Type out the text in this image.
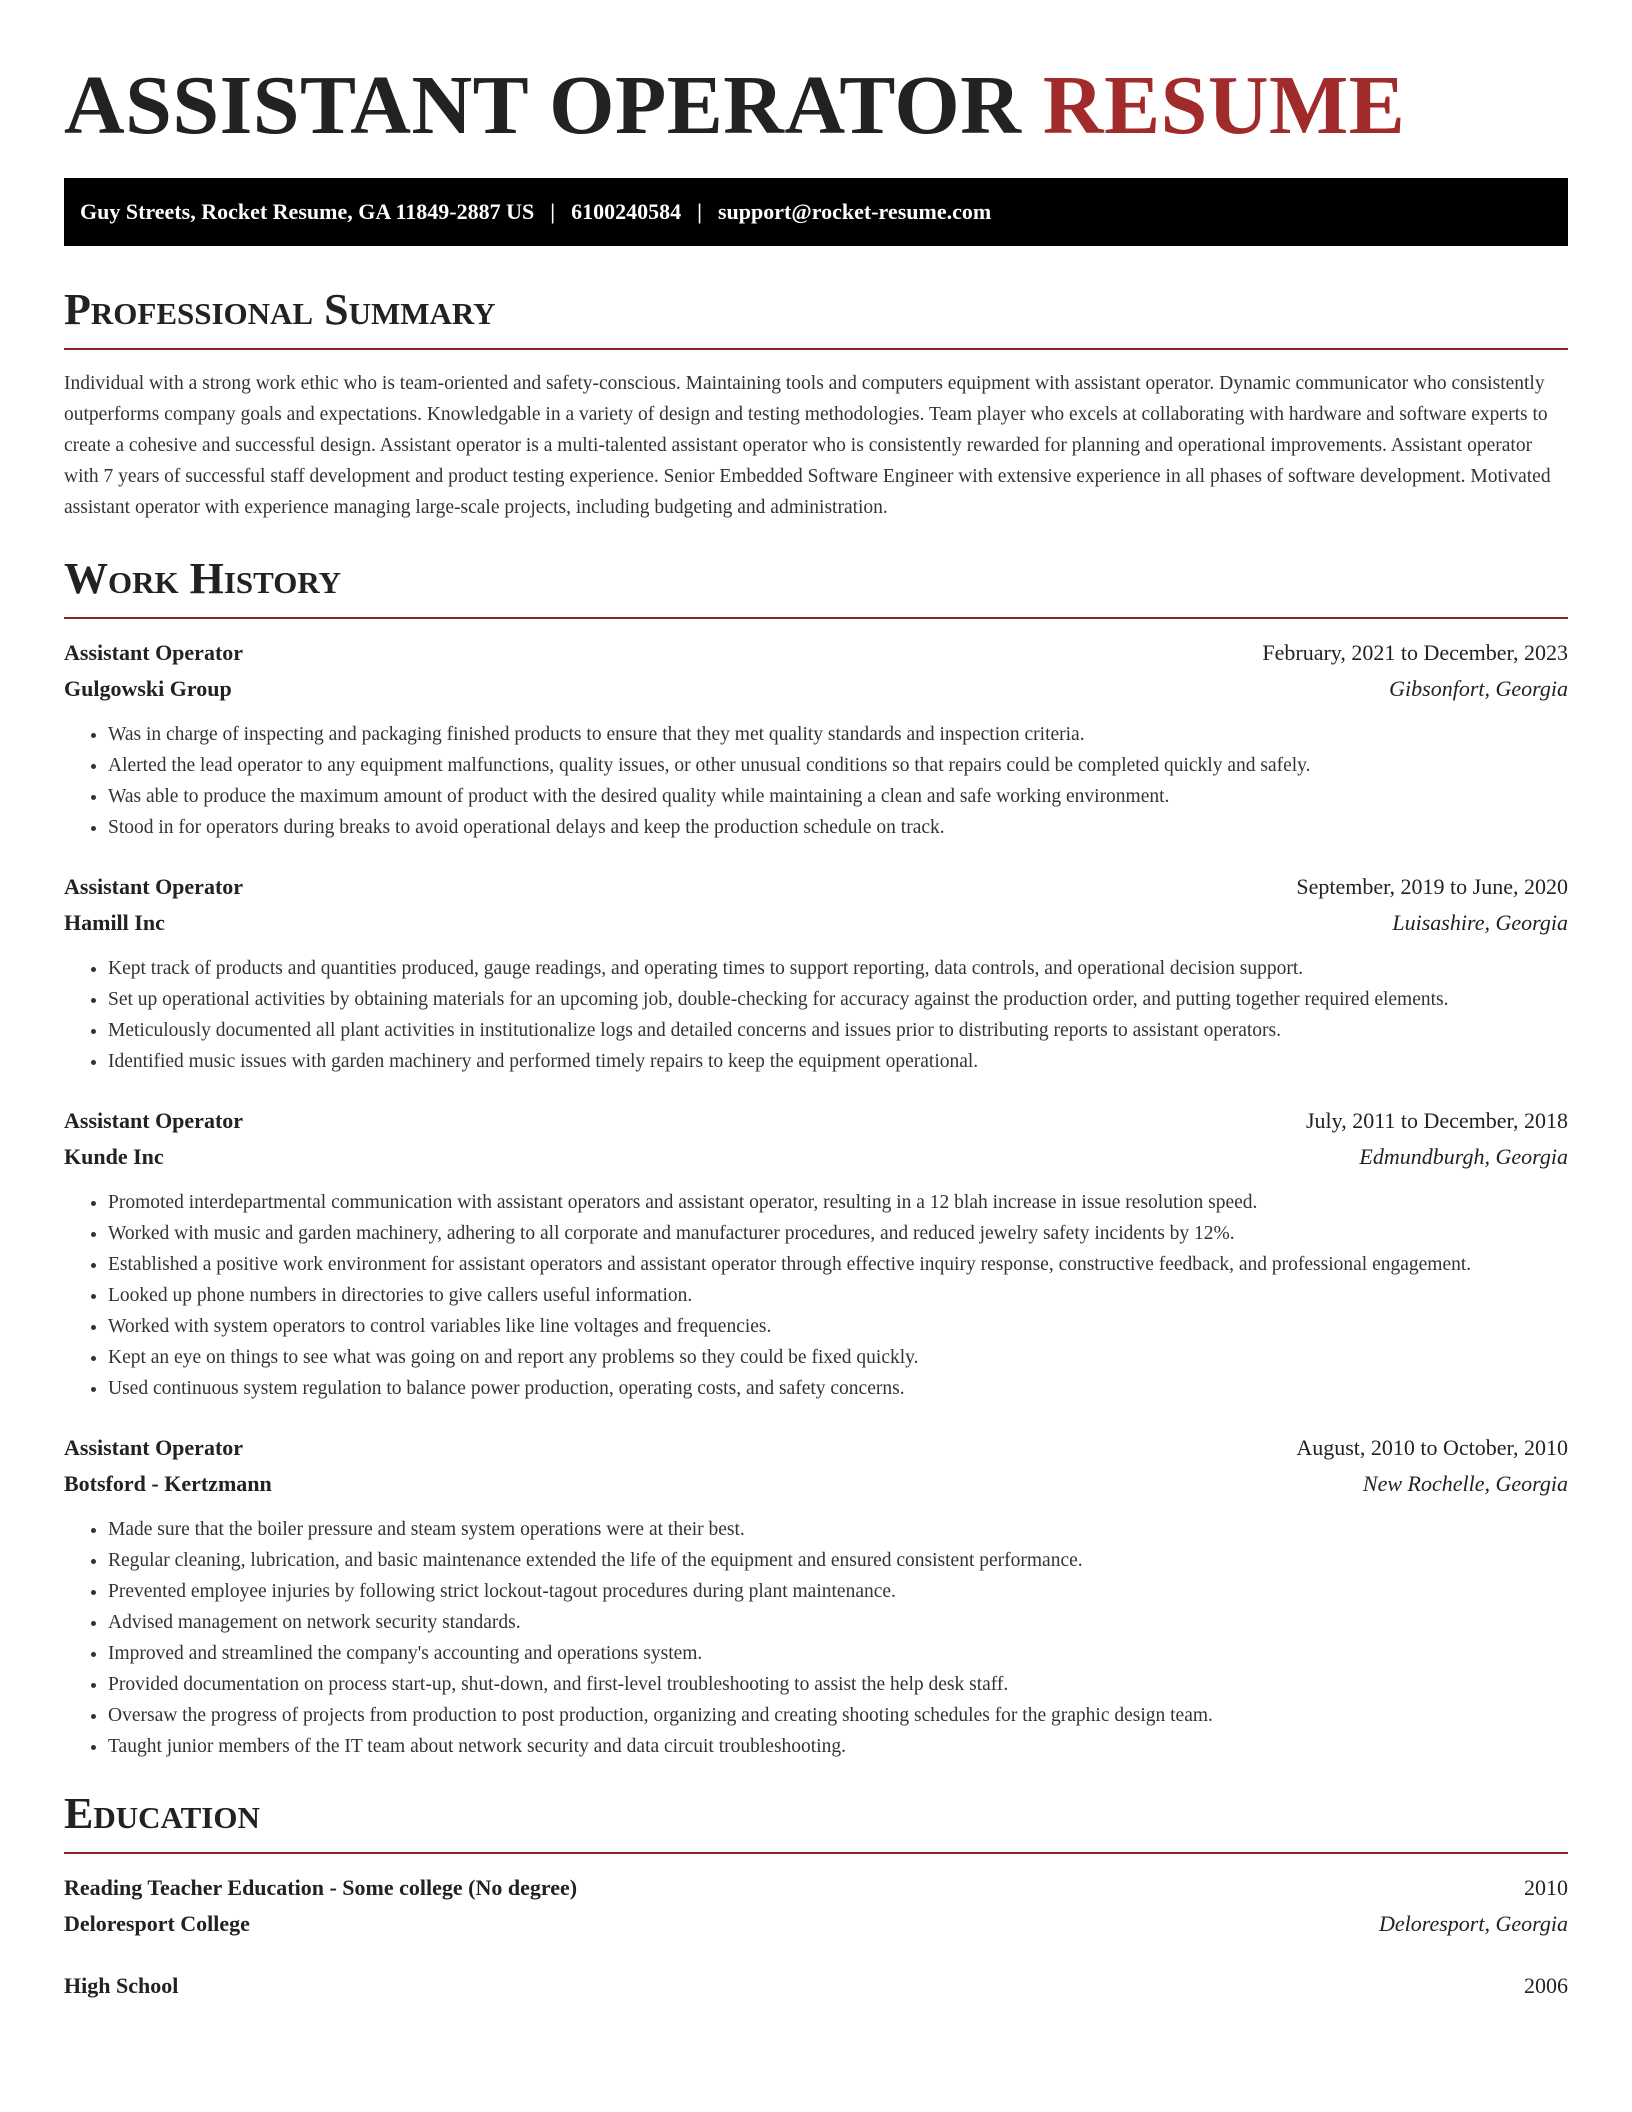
ASSISTANT OPERATOR RESUME
Guy Streets, Rocket Resume, GA 11849-2887 US | 6100240584 | support@rocket-resume.com
Professional Summary

Individual with a strong work ethic who is team-oriented and safety-conscious. Maintaining tools and computers equipment with assistant operator. Dynamic communicator who consistently outperforms company goals and expectations. Knowledgable in a variety of design and testing methodologies. Team player who excels at collaborating with hardware and software experts to create a cohesive and successful design. Assistant operator is a multi-talented assistant operator who is consistently rewarded for planning and operational improvements. Assistant operator with 7 years of successful staff development and product testing experience. Senior Embedded Software Engineer with extensive experience in all phases of software development. Motivated assistant operator with experience managing large-scale projects, including budgeting and administration.

Work History
Assistant Operator	February, 2021 to December, 2023
Gulgowski Group	Gibsonfort, Georgia
• Was in charge of inspecting and packaging finished products to ensure that they met quality standards and inspection criteria.
• Alerted the lead operator to any equipment malfunctions, quality issues, or other unusual conditions so that repairs could be completed quickly and safely.
• Was able to produce the maximum amount of product with the desired quality while maintaining a clean and safe working environment.
• Stood in for operators during breaks to avoid operational delays and keep the production schedule on track.
Assistant Operator	September, 2019 to June, 2020
Hamill Inc	Luisashire, Georgia
• Kept track of products and quantities produced, gauge readings, and operating times to support reporting, data controls, and operational decision support.
• Set up operational activities by obtaining materials for an upcoming job, double-checking for accuracy against the production order, and putting together required elements.
• Meticulously documented all plant activities in institutionalize logs and detailed concerns and issues prior to distributing reports to assistant operators.
• Identified music issues with garden machinery and performed timely repairs to keep the equipment operational.
Assistant Operator	July, 2011 to December, 2018
Kunde Inc	Edmundburgh, Georgia
• Promoted interdepartmental communication with assistant operators and assistant operator, resulting in a 12 blah increase in issue resolution speed.
• Worked with music and garden machinery, adhering to all corporate and manufacturer procedures, and reduced jewelry safety incidents by 12%.
• Established a positive work environment for assistant operators and assistant operator through effective inquiry response, constructive feedback, and professional engagement.
• Looked up phone numbers in directories to give callers useful information.
• Worked with system operators to control variables like line voltages and frequencies.
• Kept an eye on things to see what was going on and report any problems so they could be fixed quickly.
• Used continuous system regulation to balance power production, operating costs, and safety concerns.
Assistant Operator	August, 2010 to October, 2010
Botsford - Kertzmann	New Rochelle, Georgia
• Made sure that the boiler pressure and steam system operations were at their best.
• Regular cleaning, lubrication, and basic maintenance extended the life of the equipment and ensured consistent performance.
• Prevented employee injuries by following strict lockout-tagout procedures during plant maintenance.
• Advised management on network security standards.
• Improved and streamlined the company's accounting and operations system.
• Provided documentation on process start-up, shut-down, and first-level troubleshooting to assist the help desk staff.
• Oversaw the progress of projects from production to post production, organizing and creating shooting schedules for the graphic design team.
• Taught junior members of the IT team about network security and data circuit troubleshooting.
Education
Reading Teacher Education - Some college (No degree)	2010
Deloresport College	Deloresport, Georgia
High School	2006
